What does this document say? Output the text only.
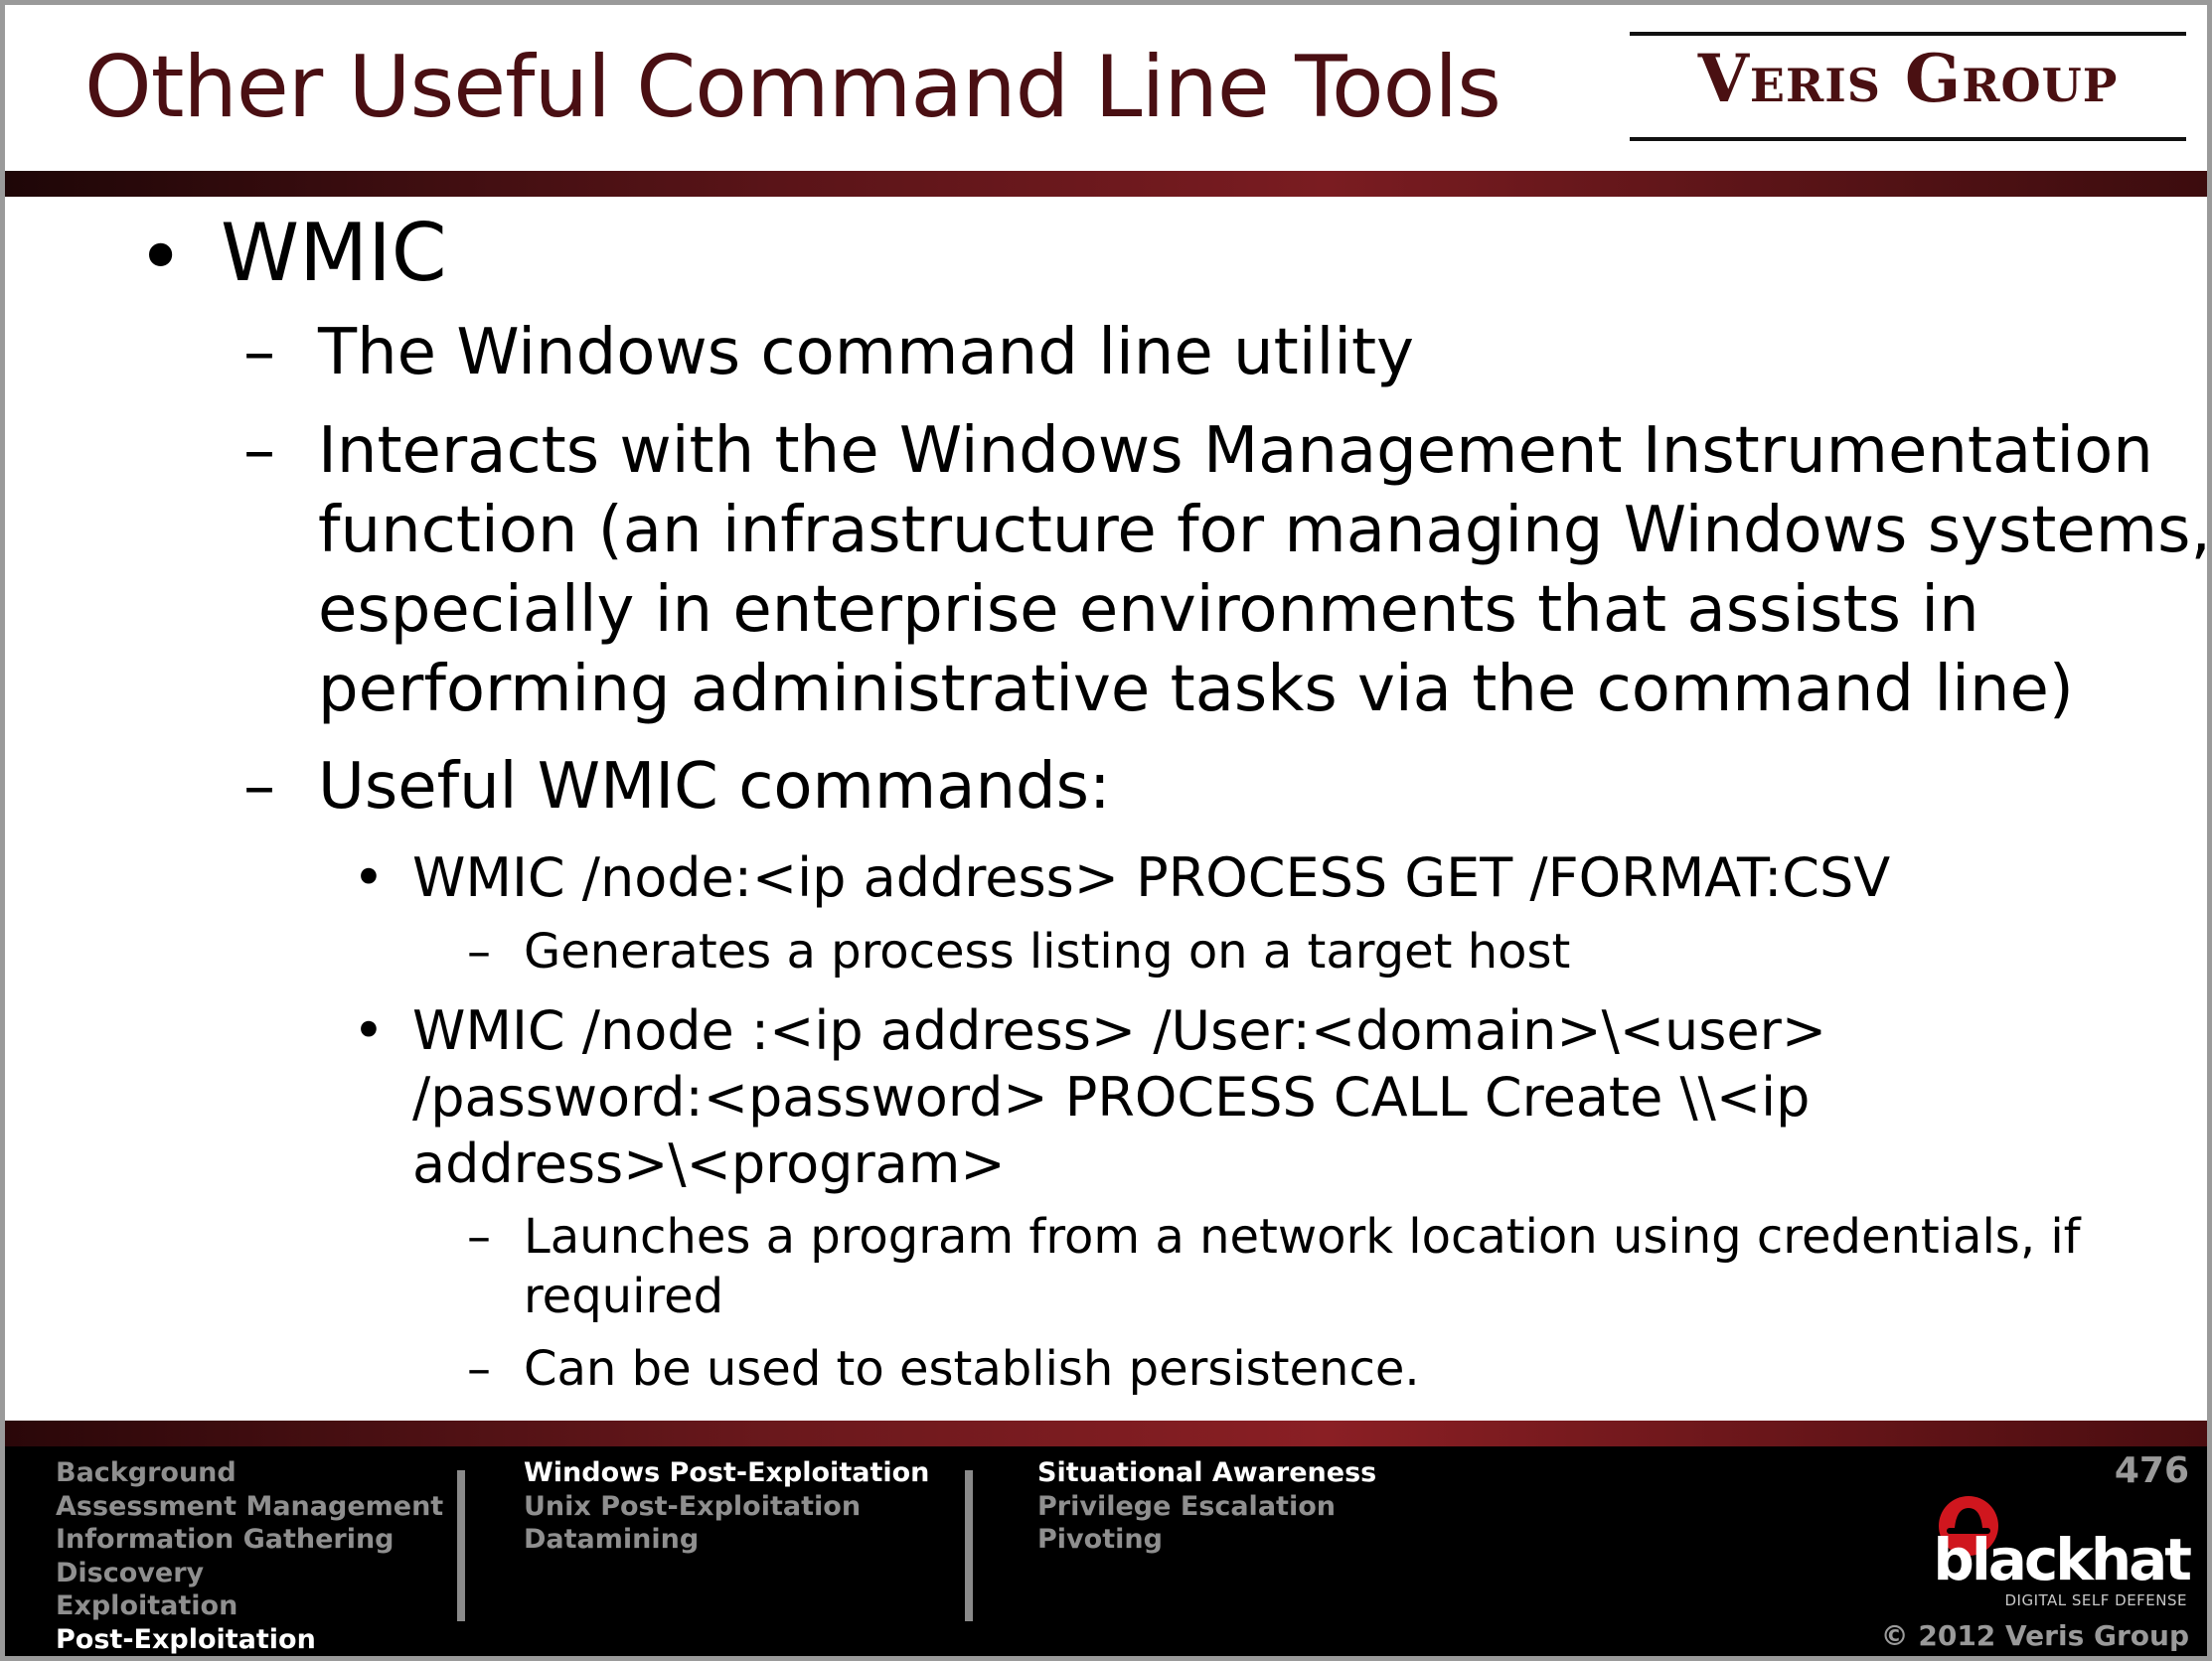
Other Useful Command Line Tools	Veris Group
• WMIC
– The Windows command line utility
– Interacts with the Windows Management Instrumentation
function (an infrastructure for managing Windows systems,
especially in enterprise environments that assists in
performing administrative tasks via the command line)
– Useful WMIC commands:
• WMIC /node:<ip address> PROCESS GET /FORMAT:CSV
– Generates a process listing on a target host
• WMIC /node :<ip address> /User:<domain>\<user>
/password:<password> PROCESS CALL Create \\<ip
address>\<program>
– Launches a program from a network location using credentials, if
required
– Can be used to establish persistence.
Background
Assessment Management
Information Gathering
Discovery
Exploitation
Post-Exploitation
Windows Post-Exploitation
Unix Post-Exploitation
Datamining
Situational Awareness
Privilege Escalation
Pivoting
476
blackhat
DIGITAL SELF DEFENSE
© 2012 Veris Group
